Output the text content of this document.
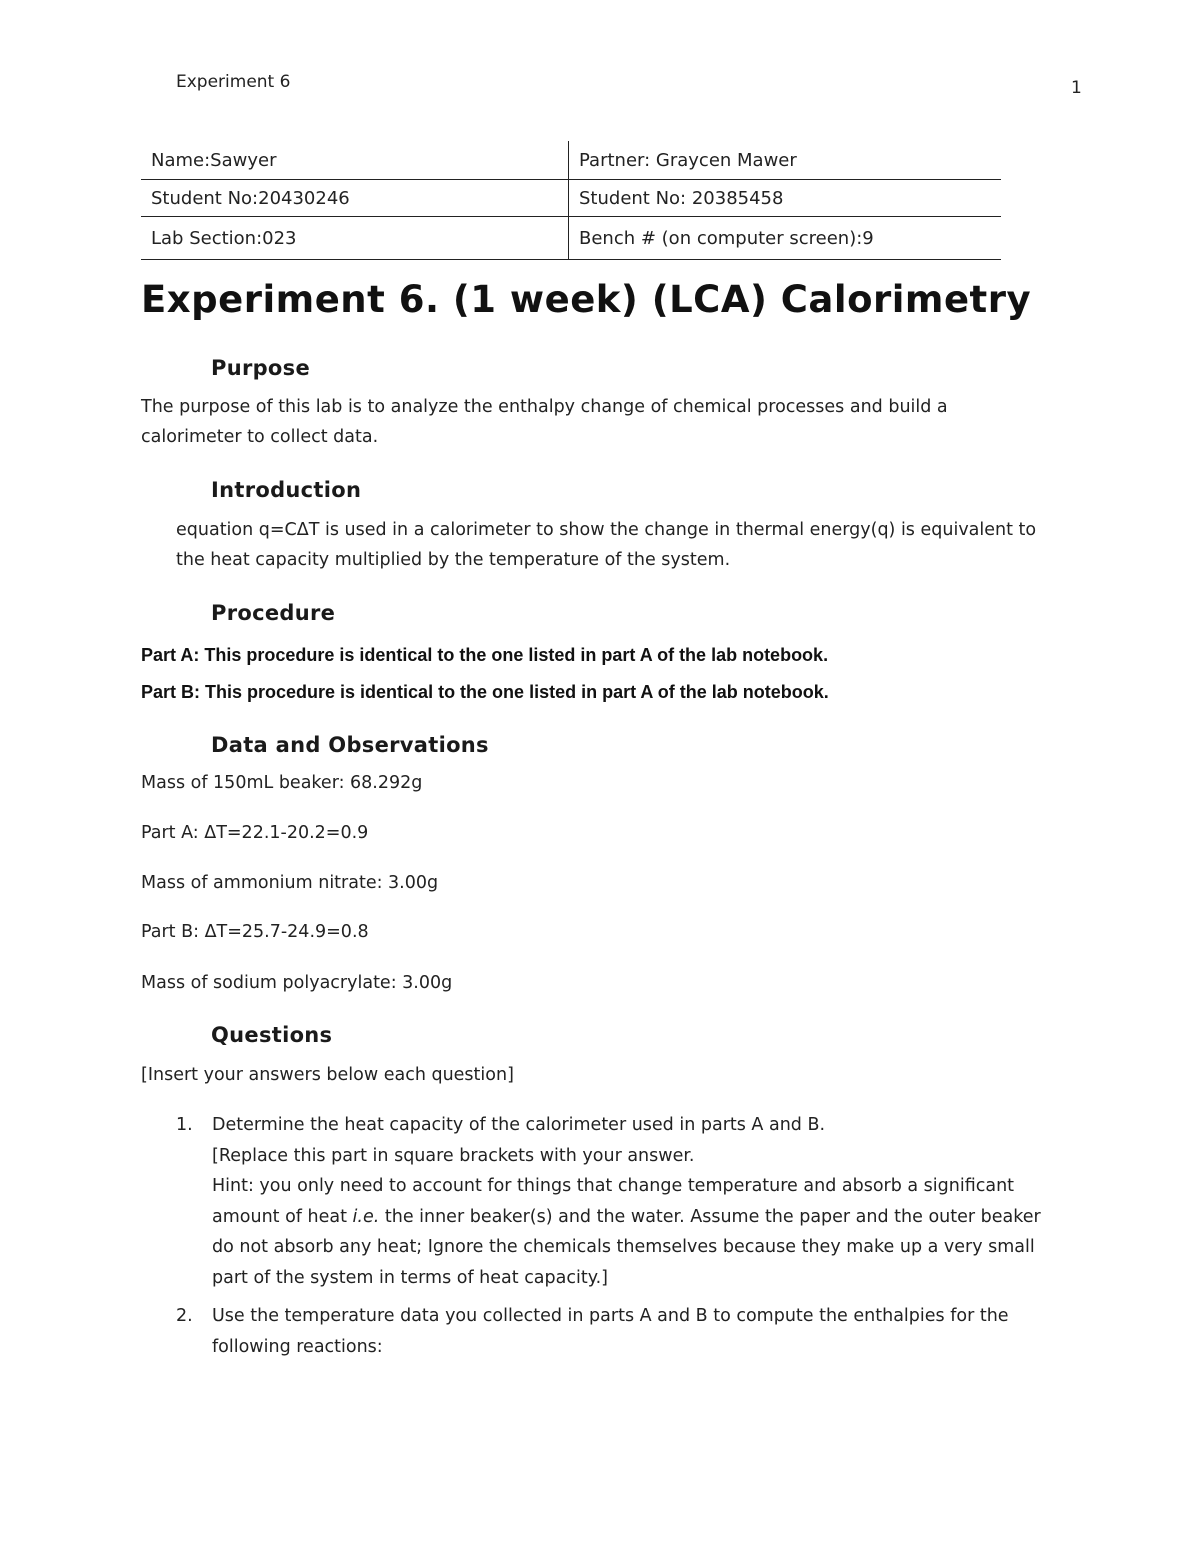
Experiment 6	1
Name:Sawyer	Partner: Graycen Mawer
Student No:20430246	Student No: 20385458
Lab Section:023	Bench # (on computer screen):9
Experiment 6. (1 week) (LCA) Calorimetry
Purpose

The purpose of this lab is to analyze the enthalpy change of chemical processes and build a calorimeter to collect data.

Introduction

equation q=CΔT is used in a calorimeter to show the change in thermal energy(q) is equivalent to the heat capacity multiplied by the temperature of the system.

Procedure

Part A: This procedure is identical to the one listed in part A of the lab notebook.

Part B: This procedure is identical to the one listed in part A of the lab notebook.

Data and Observations

Mass of 150mL beaker: 68.292g

Part A: ΔT=22.1-20.2=0.9

Mass of ammonium nitrate: 3.00g

Part B: ΔT=25.7-24.9=0.8

Mass of sodium polyacrylate: 3.00g

Questions

[Insert your answers below each question]

1. Determine the heat capacity of the calorimeter used in parts A and B.
[Replace this part in square brackets with your answer.
Hint: you only need to account for things that change temperature and absorb a significant amount of heat i.e. the inner beaker(s) and the water. Assume the paper and the outer beaker do not absorb any heat; Ignore the chemicals themselves because they make up a very small part of the system in terms of heat capacity.]
2. Use the temperature data you collected in parts A and B to compute the enthalpies for the following reactions:
